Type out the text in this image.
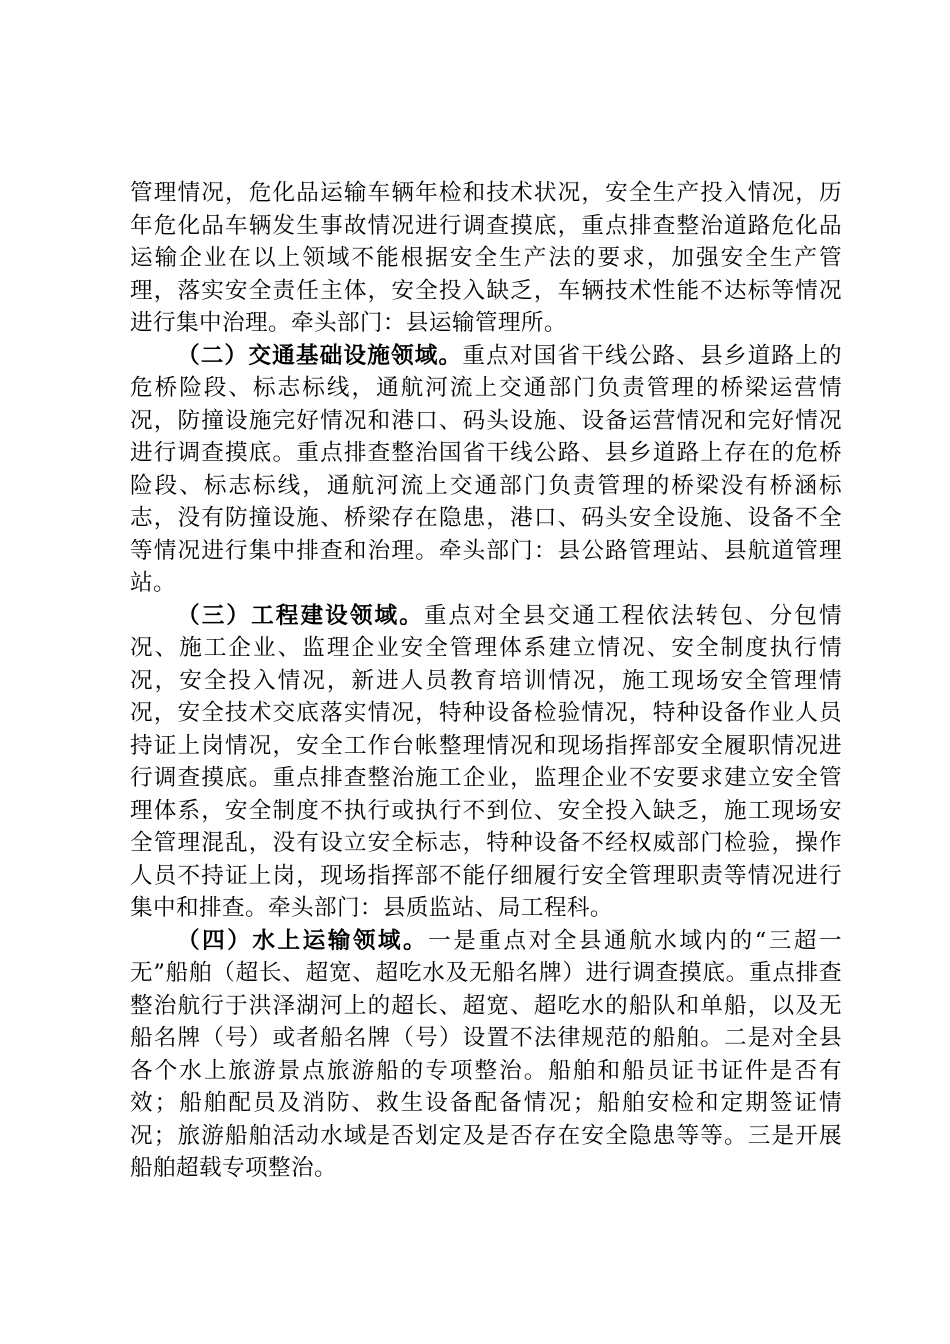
管理情况，危化品运输车辆年检和技术状况，安全生产投入情况，历年危化品车辆发生事故情况进行调查摸底，重点排查整治道路危化品运输企业在以上领域不能根据安全生产法的要求，加强安全生产管理，落实安全责任主体，安全投入缺乏，车辆技术性能不达标等情况进行集中治理。牵头部门：县运输管理所。

（二）交通基础设施领域。重点对国省干线公路、县乡道路上的危桥险段、标志标线，通航河流上交通部门负责管理的桥梁运营情况，防撞设施完好情况和港口、码头设施、设备运营情况和完好情况进行调查摸底。重点排查整治国省干线公路、县乡道路上存在的危桥险段、标志标线，通航河流上交通部门负责管理的桥梁没有桥涵标志，没有防撞设施、桥梁存在隐患，港口、码头安全设施、设备不全等情况进行集中排查和治理。牵头部门：县公路管理站、县航道管理站。

（三）工程建设领域。重点对全县交通工程依法转包、分包情况、施工企业、监理企业安全管理体系建立情况、安全制度执行情况，安全投入情况，新进人员教育培训情况，施工现场安全管理情况，安全技术交底落实情况，特种设备检验情况，特种设备作业人员持证上岗情况，安全工作台帐整理情况和现场指挥部安全履职情况进行调查摸底。重点排查整治施工企业，监理企业不安要求建立安全管理体系，安全制度不执行或执行不到位、安全投入缺乏，施工现场安全管理混乱，没有设立安全标志，特种设备不经权威部门检验，操作人员不持证上岗，现场指挥部不能仔细履行安全管理职责等情况进行集中和排查。牵头部门：县质监站、局工程科。

（四）水上运输领域。一是重点对全县通航水域内的“三超一无”船舶（超长、超宽、超吃水及无船名牌）进行调查摸底。重点排查整治航行于洪泽湖河上的超长、超宽、超吃水的船队和单船，以及无船名牌（号）或者船名牌（号）设置不法律规范的船舶。二是对全县各个水上旅游景点旅游船的专项整治。船舶和船员证书证件是否有效；船舶配员及消防、救生设备配备情况；船舶安检和定期签证情况；旅游船舶活动水域是否划定及是否存在安全隐患等等。三是开展船舶超载专项整治。
